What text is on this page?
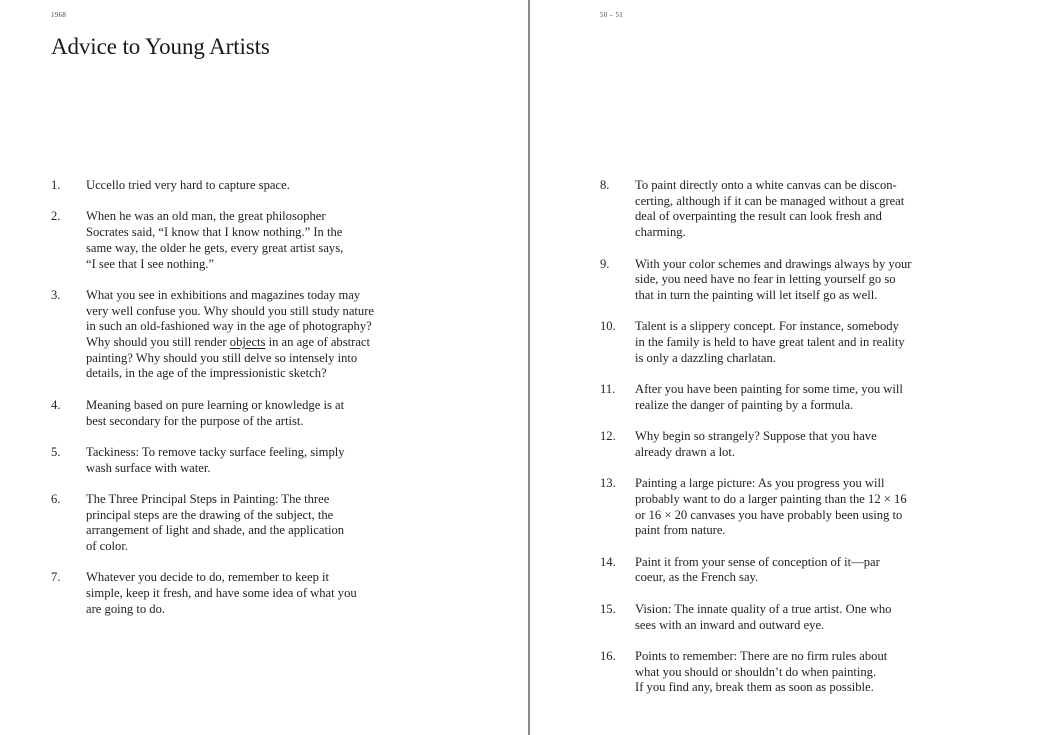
1968
Advice to Young Artists
1.	Uccello tried very hard to capture space.
2.	When he was an old man, the great philosopher
Socrates said, “I know that I know nothing.” In the
same way, the older he gets, every great artist says,
“I see that I see nothing.”
3.	What you see in exhibitions and magazines today may
very well confuse you. Why should you still study nature
in such an old-fashioned way in the age of photography?
Why should you still render objects in an age of abstract
painting? Why should you still delve so intensely into
details, in the age of the impressionistic sketch?
4.	Meaning based on pure learning or knowledge is at
best secondary for the purpose of the artist.
5.	Tackiness: To remove tacky surface feeling, simply
wash surface with water.
6.	The Three Principal Steps in Painting: The three
principal steps are the drawing of the subject, the
arrangement of light and shade, and the application
of color.
7.	Whatever you decide to do, remember to keep it
simple, keep it fresh, and have some idea of what you
are going to do.
50 – 51
8.	To paint directly onto a white canvas can be discon-
certing, although if it can be managed without a great
deal of overpainting the result can look fresh and
charming.
9.	With your color schemes and drawings always by your
side, you need have no fear in letting yourself go so
that in turn the painting will let itself go as well.
10.	Talent is a slippery concept. For instance, somebody
in the family is held to have great talent and in reality
is only a dazzling charlatan.
11.	After you have been painting for some time, you will
realize the danger of painting by a formula.
12.	Why begin so strangely? Suppose that you have
already drawn a lot.
13.	Painting a large picture: As you progress you will
probably want to do a larger painting than the 12 × 16
or 16 × 20 canvases you have probably been using to
paint from nature.
14.	Paint it from your sense of conception of it—par
coeur, as the French say.
15.	Vision: The innate quality of a true artist. One who
sees with an inward and outward eye.
16.	Points to remember: There are no firm rules about
what you should or shouldn’t do when painting.
If you find any, break them as soon as possible.
